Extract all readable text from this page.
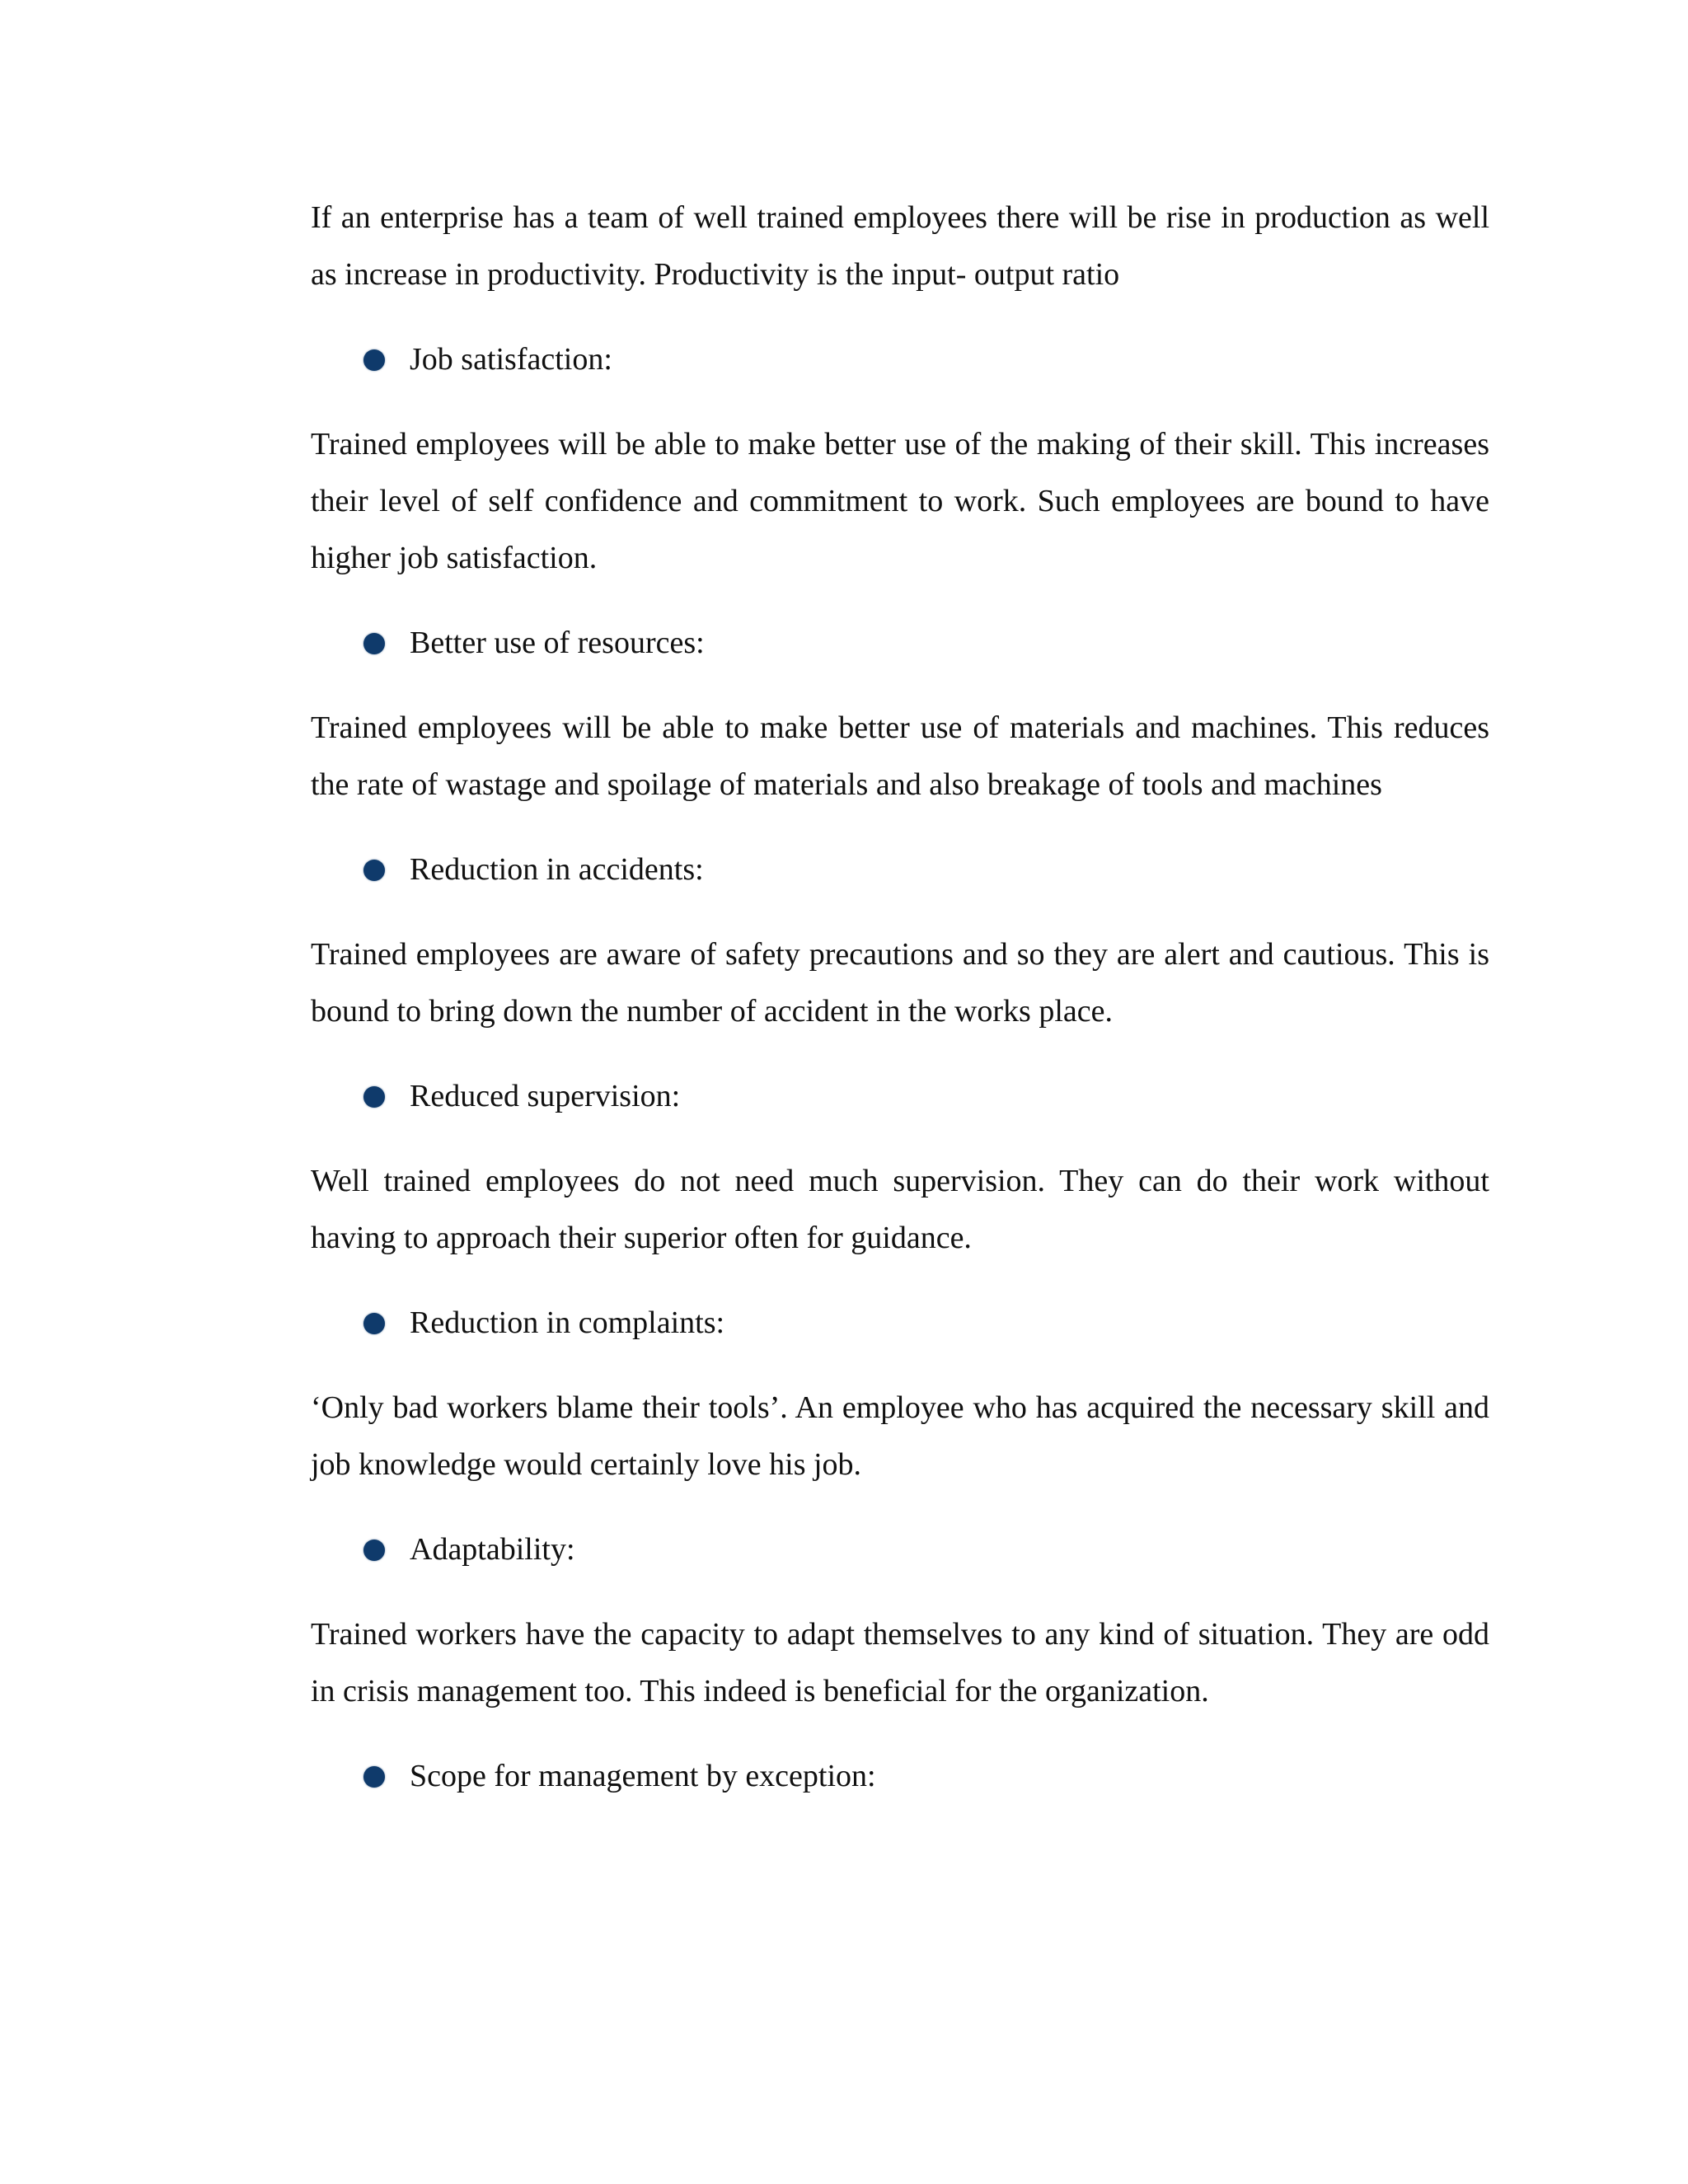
If an enterprise has a team of well trained employees there will be rise in production as well as increase in productivity. Productivity is the input- output ratio

Job satisfaction:

Trained employees will be able to make better use of the making of their skill. This increases their level of self confidence and commitment to work. Such employees are bound to have higher job satisfaction.

Better use of resources:

Trained employees will be able to make better use of materials and machines. This reduces the rate of wastage and spoilage of materials and also breakage of tools and machines

Reduction in accidents:

Trained employees are aware of safety precautions and so they are alert and cautious. This is bound to bring down the number of accident in the works place.

Reduced supervision:

Well trained employees do not need much supervision. They can do their work without having to approach their superior often for guidance.

Reduction in complaints:

‘Only bad workers blame their tools’. An employee who has acquired the necessary skill and job knowledge would certainly love his job.

Adaptability:

Trained workers have the capacity to adapt themselves to any kind of situation. They are odd in crisis management too. This indeed is beneficial for the organization.

Scope for management by exception:
